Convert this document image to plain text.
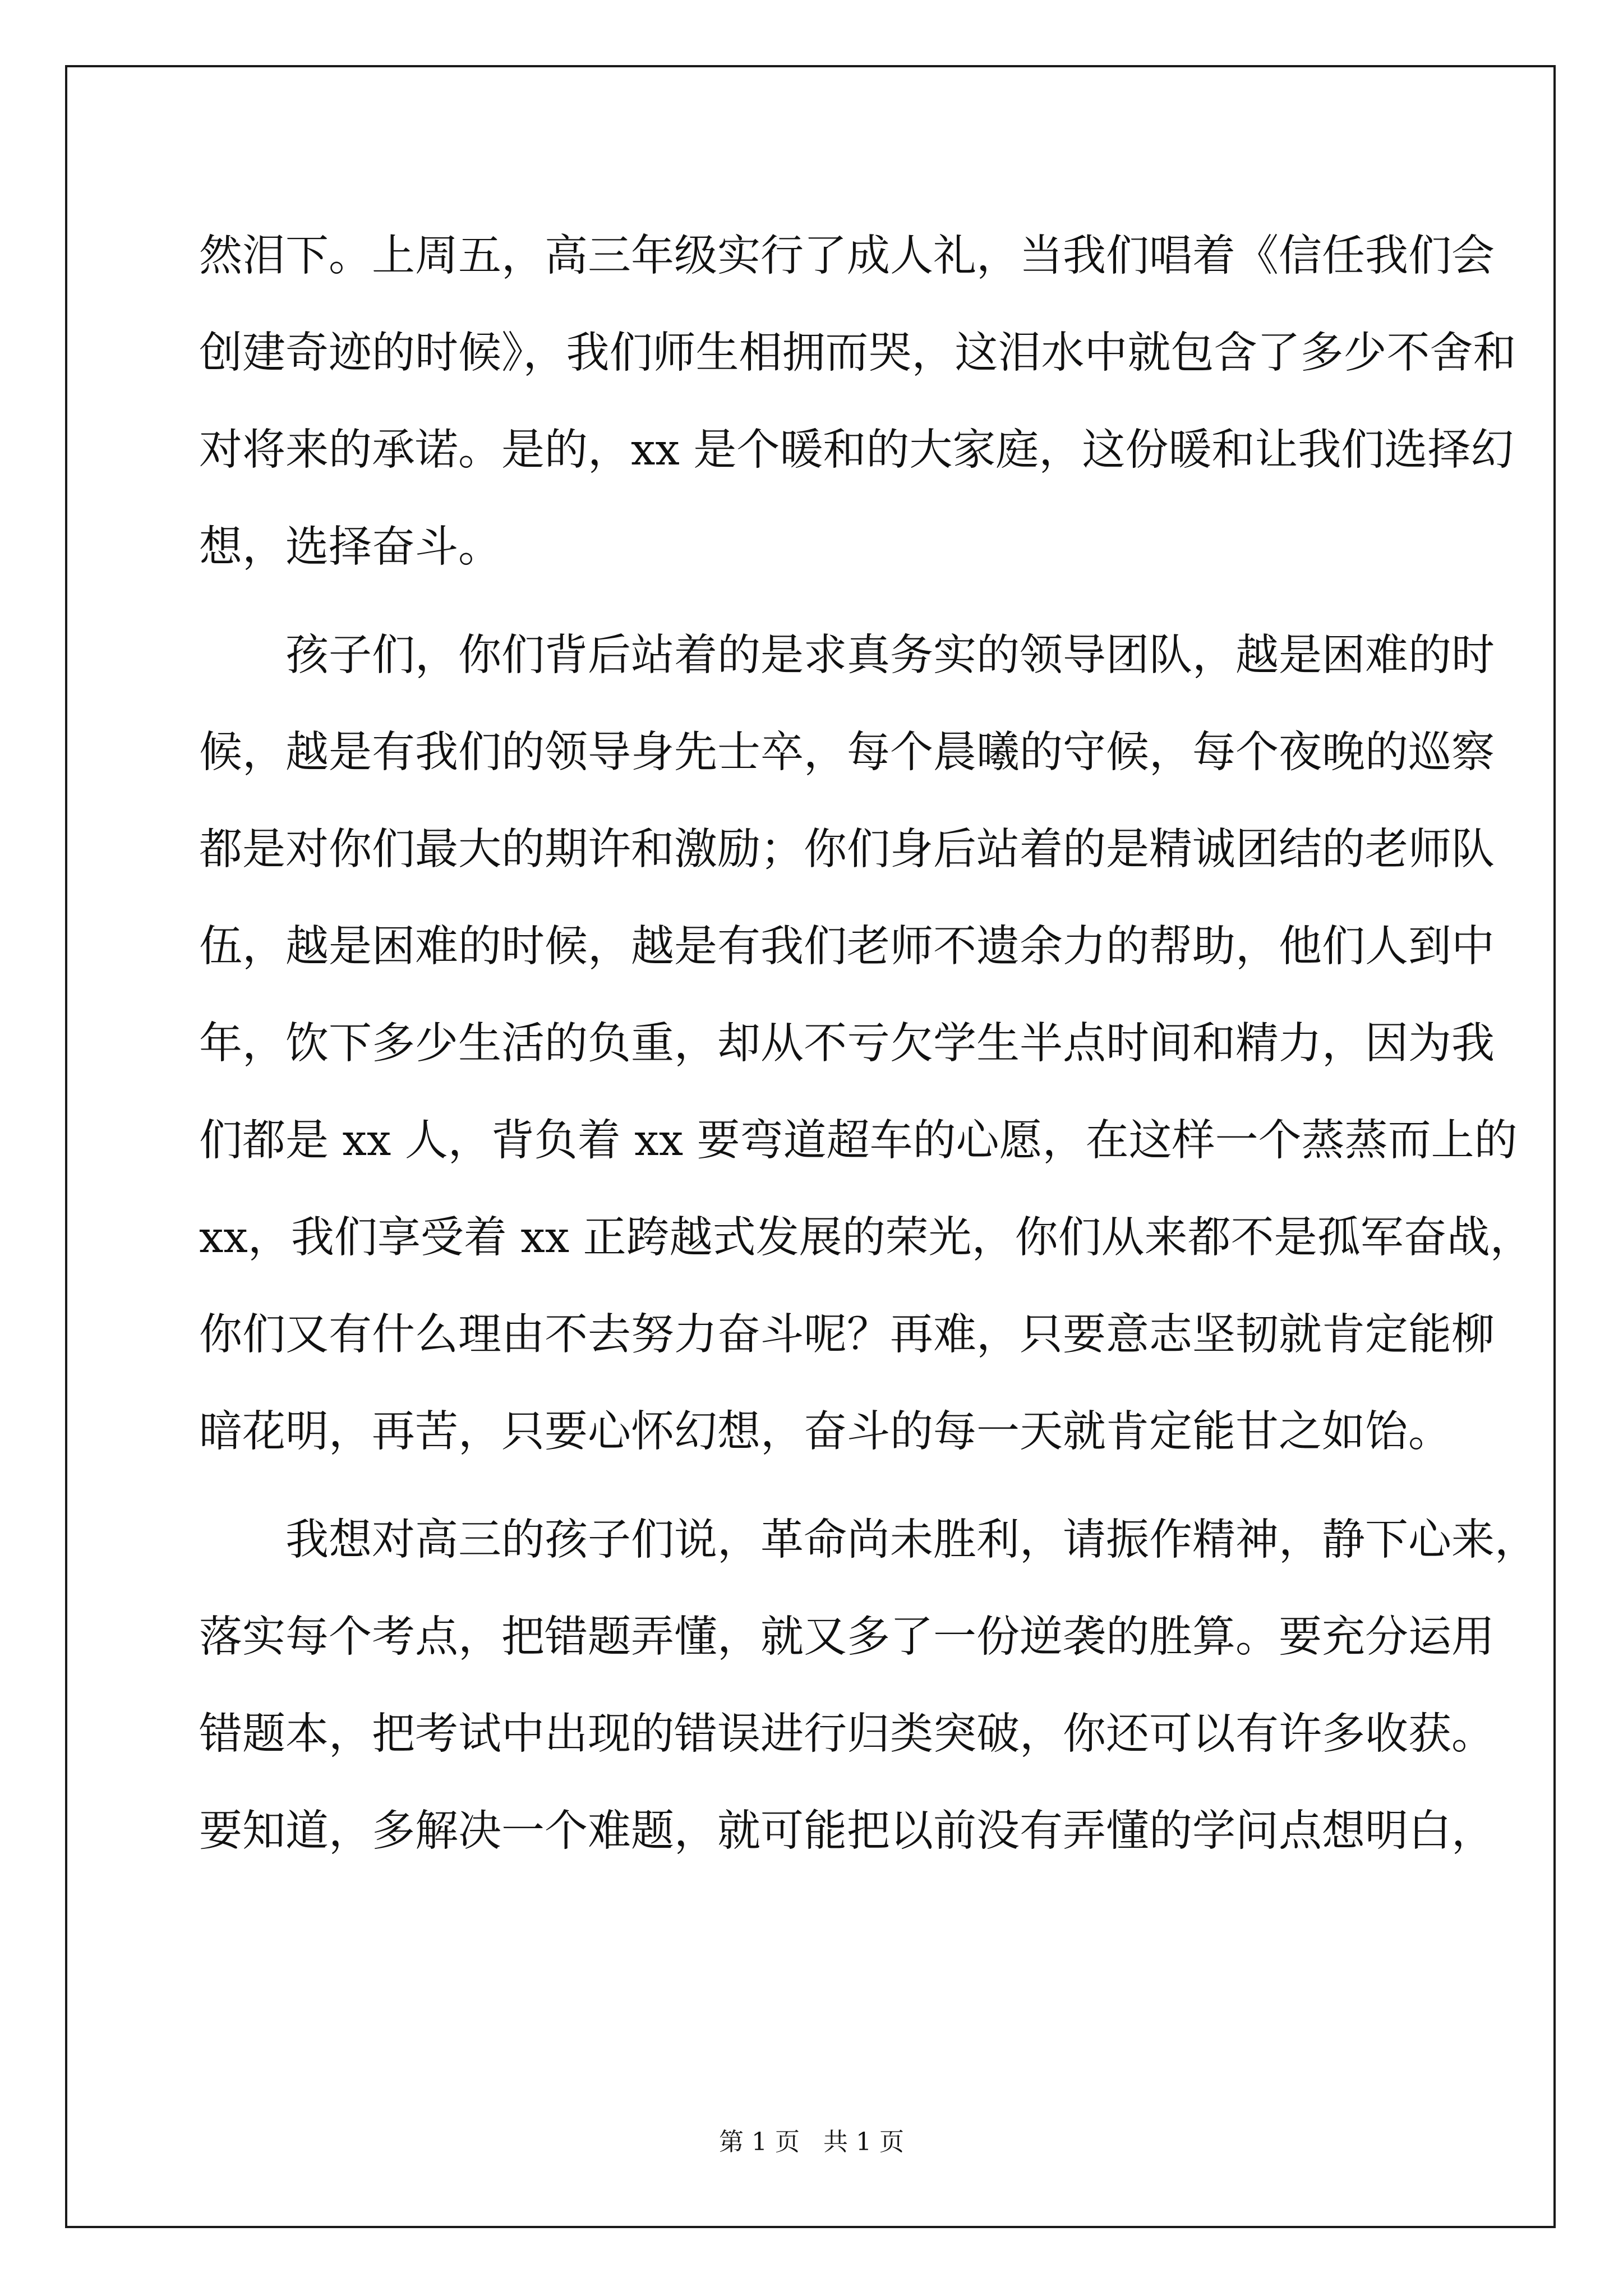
然泪下。上周五，高三年级实行了成人礼，当我们唱着《信任我们会
创建奇迹的时候》，我们师生相拥而哭，这泪水中就包含了多少不舍和
对将来的承诺。是的，xx 是个暖和的大家庭，这份暖和让我们选择幻
想，选择奋斗。

孩子们，你们背后站着的是求真务实的领导团队，越是困难的时
候，越是有我们的领导身先士卒，每个晨曦的守候，每个夜晚的巡察
都是对你们最大的期许和激励；你们身后站着的是精诚团结的老师队
伍，越是困难的时候，越是有我们老师不遗余力的帮助，他们人到中
年，饮下多少生活的负重，却从不亏欠学生半点时间和精力，因为我
们都是 xx 人，背负着 xx 要弯道超车的心愿，在这样一个蒸蒸而上的
xx，我们享受着 xx 正跨越式发展的荣光，你们从来都不是孤军奋战，
你们又有什么理由不去努力奋斗呢？再难，只要意志坚韧就肯定能柳
暗花明，再苦，只要心怀幻想，奋斗的每一天就肯定能甘之如饴。

我想对高三的孩子们说，革命尚未胜利，请振作精神，静下心来，
落实每个考点，把错题弄懂，就又多了一份逆袭的胜算。要充分运用
错题本，把考试中出现的错误进行归类突破，你还可以有许多收获。
要知道，多解决一个难题，就可能把以前没有弄懂的学问点想明白，

第 1 页 共 1 页
